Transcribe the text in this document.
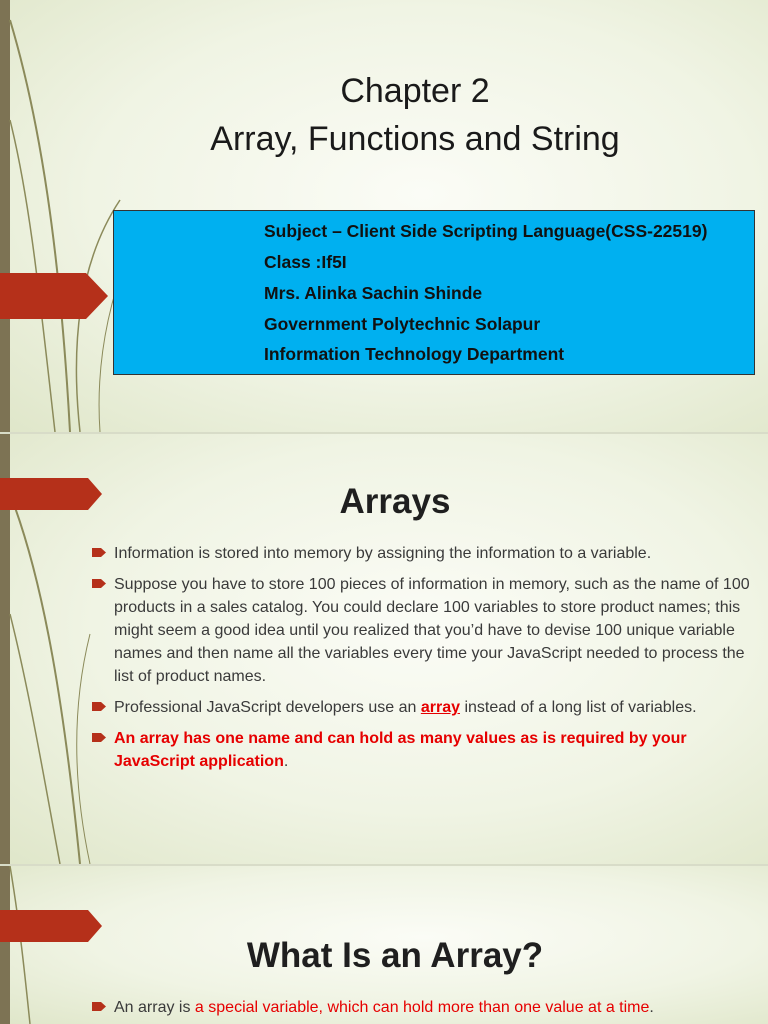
Chapter 2
Array, Functions and String
Subject – Client Side Scripting Language(CSS-22519)
Class :If5I
Mrs. Alinka Sachin Shinde
Government Polytechnic Solapur
Information Technology Department
Arrays
Information is stored into memory by assigning the information to a variable.
Suppose you have to store 100 pieces of information in memory, such as the name of 100 products in a sales catalog. You could declare 100 variables to store product names; this might seem a good idea until you realized that you’d have to devise 100 unique variable names and then name all the variables every time your JavaScript needed to process the list of product names.
Professional JavaScript developers use an array instead of a long list of variables.
An array has one name and can hold as many values as is required by your JavaScript application.
What Is an Array?
An array is a special variable, which can hold more than one value at a time.
